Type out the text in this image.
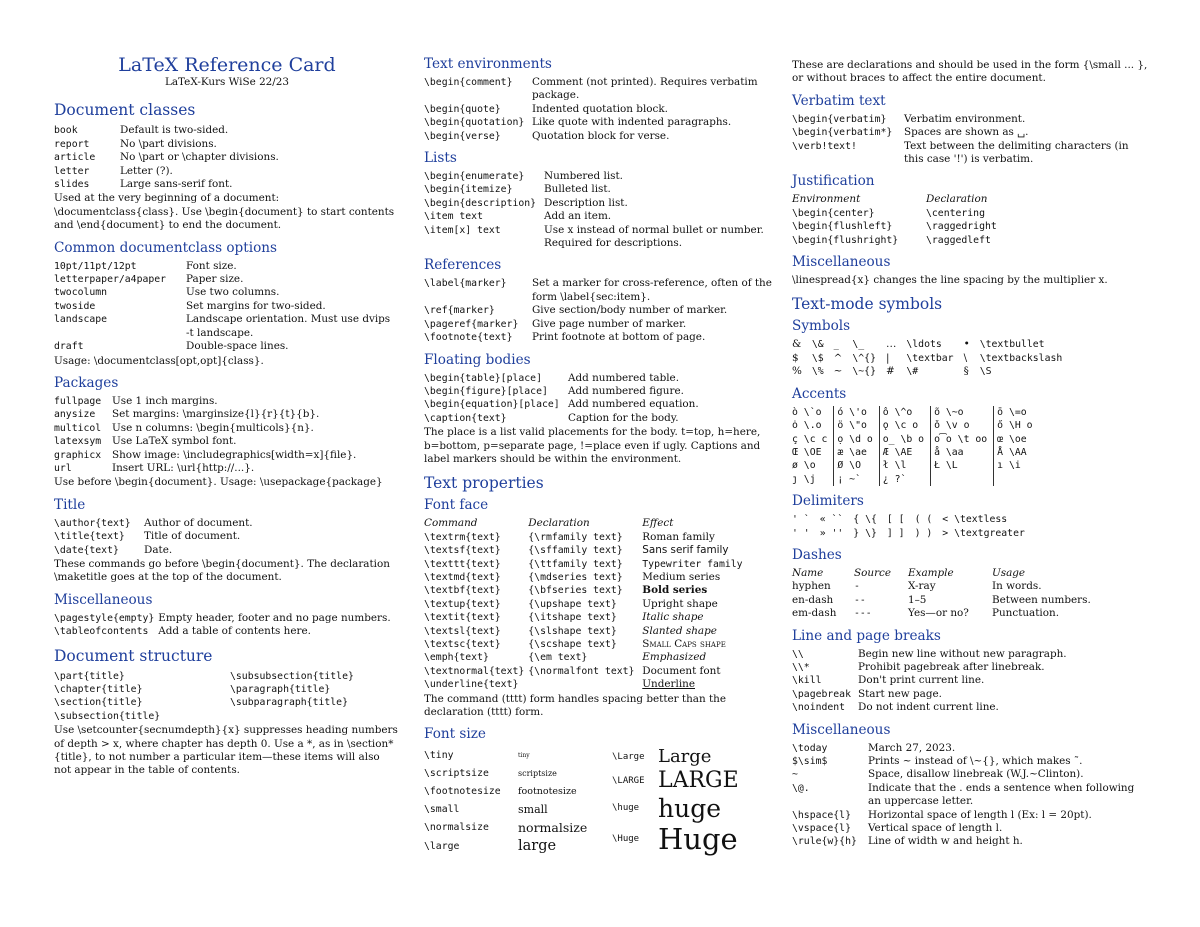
LaTeX Reference Card
LaTeX-Kurs WiSe 22/23
Document classes
book	Default is two-sided.
report	No \part divisions.
article	No \part or \chapter divisions.
letter	Letter (?).
slides	Large sans-serif font.

Used at the very beginning of a document: \documentclass{class}. Use \begin{document} to start contents and \end{document} to end the document.

Common documentclass options
10pt/11pt/12pt	Font size.
letterpaper/a4paper	Paper size.
twocolumn	Use two columns.
twoside	Set margins for two-sided.
landscape	Landscape orientation. Must use dvips -t landscape.
draft	Double-space lines.

Usage: \documentclass[opt,opt]{class}.

Packages
fullpage	Use 1 inch margins.
anysize	Set margins: \marginsize{l}{r}{t}{b}.
multicol	Use n columns: \begin{multicols}{n}.
latexsym	Use LaTeX symbol font.
graphicx	Show image: \includegraphics[width=x]{file}.
url	Insert URL: \url{http://...}.

Use before \begin{document}. Usage: \usepackage{package}

Title
\author{text}	Author of document.
\title{text}	Title of document.
\date{text}	Date.

These commands go before \begin{document}. The declaration \maketitle goes at the top of the document.

Miscellaneous
\pagestyle{empty}	Empty header, footer and no page numbers.
\tableofcontents	Add a table of contents here.
Document structure
\part{title}	\subsubsection{title}
\chapter{title}	\paragraph{title}
\section{title}	\subparagraph{title}
\subsection{title}	

Use \setcounter{secnumdepth}{x} suppresses heading numbers of depth > x, where chapter has depth 0. Use a *, as in \section*{title}, to not number a particular item—these items will also not appear in the table of contents.

Text environments
\begin{comment}	Comment (not printed). Requires verbatim package.
\begin{quote}	Indented quotation block.
\begin{quotation}	Like quote with indented paragraphs.
\begin{verse}	Quotation block for verse.
Lists
\begin{enumerate}	Numbered list.
\begin{itemize}	Bulleted list.
\begin{description}	Description list.
\item text	Add an item.
\item[x] text	Use x instead of normal bullet or number. Required for descriptions.
References
\label{marker}	Set a marker for cross-reference, often of the form \label{sec:item}.
\ref{marker}	Give section/body number of marker.
\pageref{marker}	Give page number of marker.
\footnote{text}	Print footnote at bottom of page.
Floating bodies
\begin{table}[place]	Add numbered table.
\begin{figure}[place]	Add numbered figure.
\begin{equation}[place]	Add numbered equation.
\caption{text}	Caption for the body.

The place is a list valid placements for the body. t=top, h=here, b=bottom, p=separate page, !=place even if ugly. Captions and label markers should be within the environment.

Text properties
Font face
Command	Declaration	Effect
\textrm{text}	{\rmfamily text}	Roman family
\textsf{text}	{\sffamily text}	Sans serif family
\texttt{text}	{\ttfamily text}	Typewriter family
\textmd{text}	{\mdseries text}	Medium series
\textbf{text}	{\bfseries text}	Bold series
\textup{text}	{\upshape text}	Upright shape
\textit{text}	{\itshape text}	Italic shape
\textsl{text}	{\slshape text}	Slanted shape
\textsc{text}	{\scshape text}	Small Caps shape
\emph{text}	{\em text}	Emphasized
\textnormal{text}	{\normalfont text}	Document font
\underline{text}		Underline

The command (tttt) form handles spacing better than the declaration (tttt) form.

Font size
\tiny	tiny
\scriptsize	scriptsize
\footnotesize	footnotesize
\small	small
\normalsize	normalsize
\large	large
\Large	Large
\LARGE	LARGE
\huge	huge
\Huge	Huge

These are declarations and should be used in the form {\small ... }, or without braces to affect the entire document.

Verbatim text
\begin{verbatim}	Verbatim environment.
\begin{verbatim*}	Spaces are shown as ␣.
\verb!text!	Text between the delimiting characters (in this case '!') is verbatim.
Justification
Environment	Declaration
\begin{center}	\centering
\begin{flushleft}	\raggedright
\begin{flushright}	\raggedleft
Miscellaneous

\linespread{x} changes the line spacing by the multiplier x.

Text-mode symbols
Symbols
&	\&	_	\_	…	\ldots	•	\textbullet
$	\$	^	\^{}	|	\textbar	\	\textbackslash
%	\%	~	\~{}	#	\#	§	\S
Accents
ò \`o	ó \'o	ô \^o	õ \~o	ō \=o
ȯ \.o	ö \"o	ǫ \c o	ǒ \v o	ő \H o
ç \c c	ọ \d o	o̲ \b o	o͡o \t oo	œ \oe
Œ \OE	æ \ae	Æ \AE	å \aa	Å \AA
ø \o	Ø \O	ł \l	Ł \L	ı \i
ȷ \j	¡ ~`	¿ ?`		
Delimiters
' `	« ``	{ \{	[ [	( (	< \textless
' '	» ''	} \}	] ]	) )	> \textgreater
Dashes
Name	Source	Example	Usage
hyphen	-	X-ray	In words.
en-dash	--	1–5	Between numbers.
em-dash	---	Yes—or no?	Punctuation.
Line and page breaks
\\	Begin new line without new paragraph.
\\*	Prohibit pagebreak after linebreak.
\kill	Don't print current line.
\pagebreak	Start new page.
\noindent	Do not indent current line.
Miscellaneous
\today	March 27, 2023.
$\sim$	Prints ~ instead of \~{}, which makes ˜.
~	Space, disallow linebreak (W.J.~Clinton).
\@.	Indicate that the . ends a sentence when following an uppercase letter.
\hspace{l}	Horizontal space of length l (Ex: l = 20pt).
\vspace{l}	Vertical space of length l.
\rule{w}{h}	Line of width w and height h.
